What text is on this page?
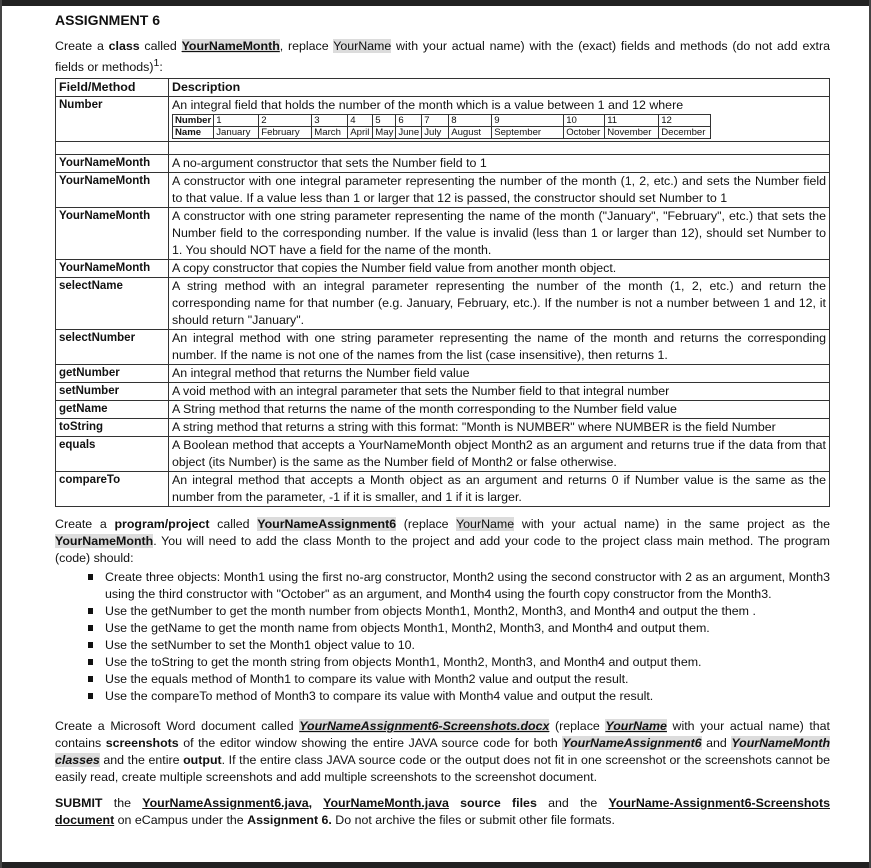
ASSIGNMENT 6

Create a class called YourNameMonth, replace YourName with your actual name) with the (exact) fields and methods (do not add extra fields or methods)$^1$:

Field/Method	Description
Number	An integral field that holds the number of the month which is a value between 1 and 12 where
Number	1	2	3	4	5	6	7	8	9	10	11	12
Name	January	February	March	April	May	June	July	August	September	October	November	December

YourNameMonth	A no-argument constructor that sets the Number field to 1
YourNameMonth	A constructor with one integral parameter representing the number of the month (1, 2, etc.) and sets the Number field to that value. If a value less than 1 or larger that 12 is passed, the constructor should set Number to 1
YourNameMonth	A constructor with one string parameter representing the name of the month ("January", "February", etc.) that sets the Number field to the corresponding number. If the value is invalid (less than 1 or larger than 12), should set Number to 1. You should NOT have a field for the name of the month.
YourNameMonth	A copy constructor that copies the Number field value from another month object.
selectName	A string method with an integral parameter representing the number of the month (1, 2, etc.) and return the corresponding name for that number (e.g. January, February, etc.). If the number is not a number between 1 and 12, it should return "January".
selectNumber	An integral method with one string parameter representing the name of the month and returns the corresponding number. If the name is not one of the names from the list (case insensitive), then returns 1.
getNumber	An integral method that returns the Number field value
setNumber	A void method with an integral parameter that sets the Number field to that integral number
getName	A String method that returns the name of the month corresponding to the Number field value
toString	A string method that returns a string with this format: "Month is NUMBER" where NUMBER is the field Number
equals	A Boolean method that accepts a YourNameMonth object Month2 as an argument and returns true if the data from that object (its Number) is the same as the Number field of Month2 or false otherwise.
compareTo	An integral method that accepts a Month object as an argument and returns 0 if Number value is the same as the number from the parameter, -1 if it is smaller, and 1 if it is larger.

Create a program/project called YourNameAssignment6 (replace YourName with your actual name) in the same project as the YourNameMonth. You will need to add the class Month to the project and add your code to the project class main method. The program (code) should:

Create three objects: Month1 using the first no-arg constructor, Month2 using the second constructor with 2 as an argument, Month3 using the third constructor with "October" as an argument, and Month4 using the fourth copy constructor from the Month3.
Use the getNumber to get the month number from objects Month1, Month2, Month3, and Month4 and output the them .
Use the getName to get the month name from objects Month1, Month2, Month3, and Month4 and output them.
Use the setNumber to set the Month1 object value to 10.
Use the toString to get the month string from objects Month1, Month2, Month3, and Month4 and output them.
Use the equals method of Month1 to compare its value with Month2 value and output the result.
Use the compareTo method of Month3 to compare its value with Month4 value and output the result.

Create a Microsoft Word document called YourNameAssignment6-Screenshots.docx (replace YourName with your actual name) that contains screenshots of the editor window showing the entire JAVA source code for both YourNameAssignment6 and YourNameMonth classes and the entire output. If the entire class JAVA source code or the output does not fit in one screenshot or the screenshots cannot be easily read, create multiple screenshots and add multiple screenshots to the screenshot document.

SUBMIT the YourNameAssignment6.java, YourNameMonth.java source files and the YourName-Assignment6-Screenshots document on eCampus under the Assignment 6. Do not archive the files or submit other file formats.
